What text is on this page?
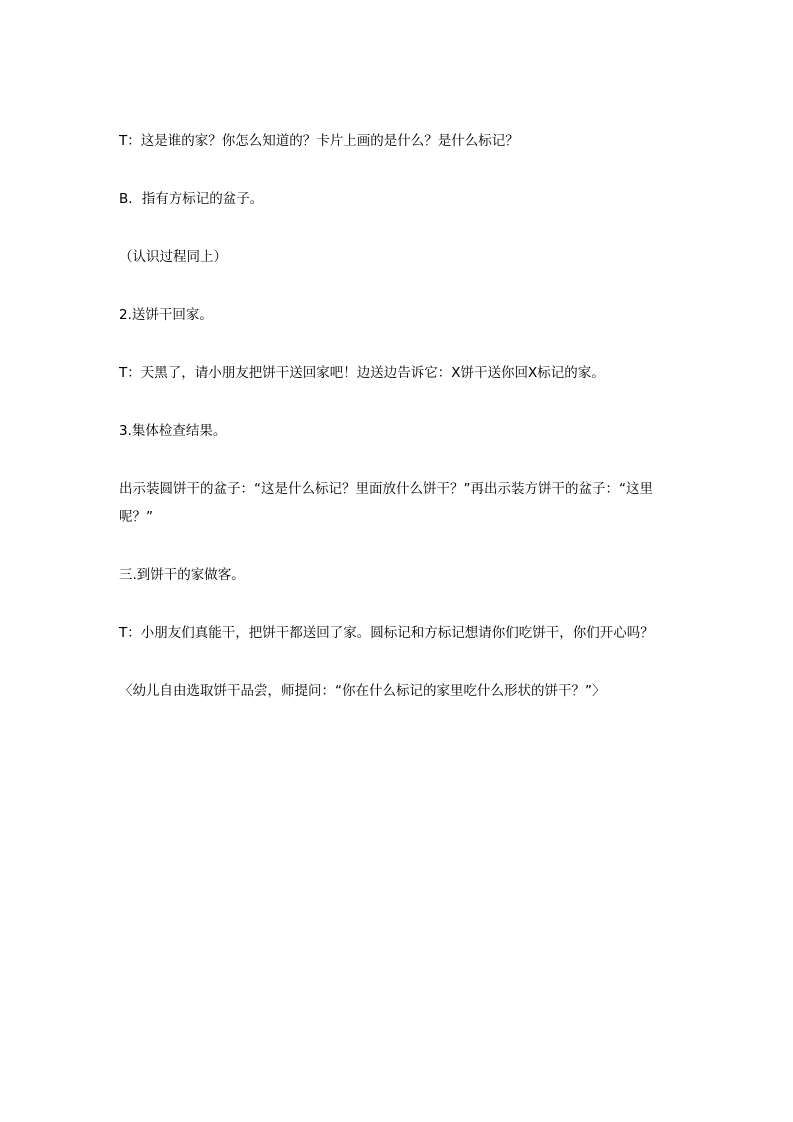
T：这是谁的家？你怎么知道的？卡片上画的是什么？是什么标记？

B．指有方标记的盆子。

（认识过程同上）

2.送饼干回家。

T：天黑了，请小朋友把饼干送回家吧！边送边告诉它：X饼干送你回X标记的家。

3.集体检查结果。

出示装圆饼干的盆子：“这是什么标记？里面放什么饼干？”再出示装方饼干的盆子：“这里呢？”

三.到饼干的家做客。

T：小朋友们真能干，把饼干都送回了家。圆标记和方标记想请你们吃饼干，你们开心吗？

〈幼儿自由选取饼干品尝，师提问：“你在什么标记的家里吃什么形状的饼干？”〉
